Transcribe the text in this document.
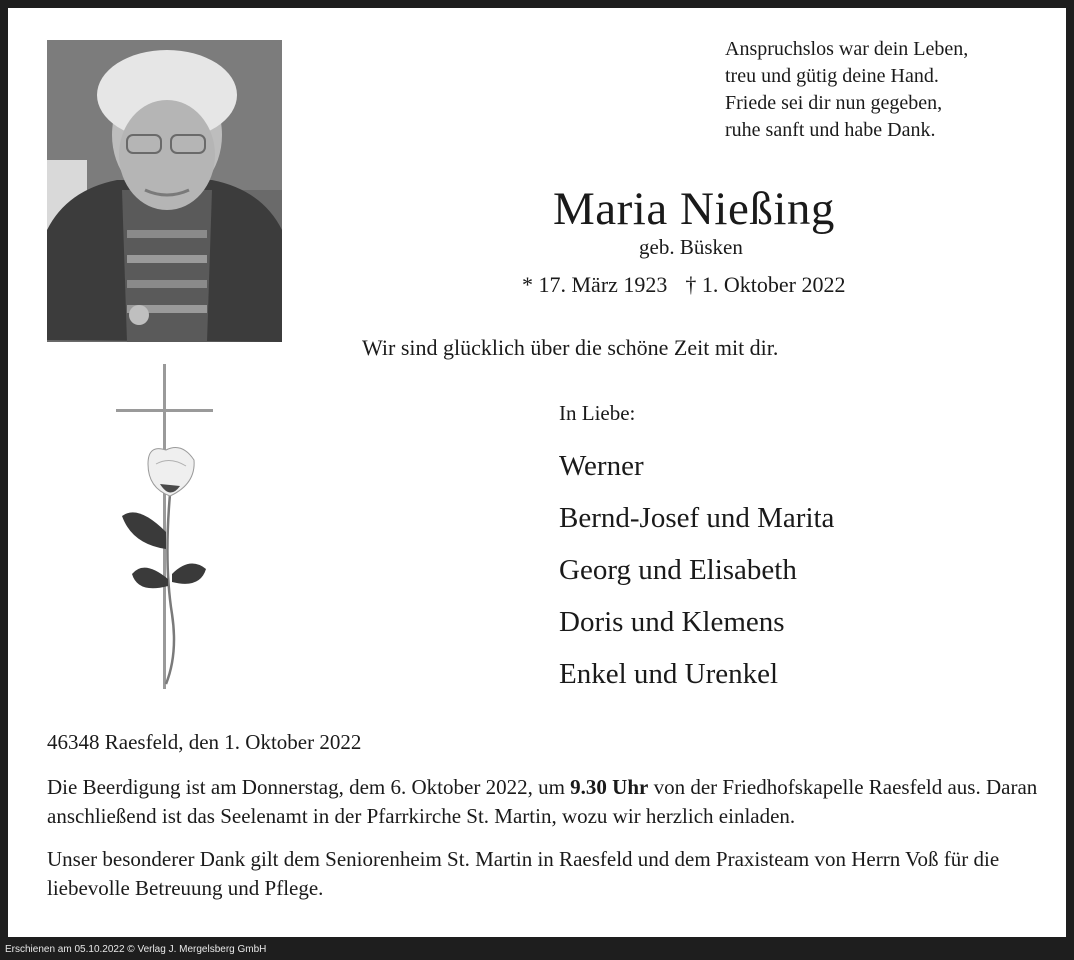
Anspruchslos war dein Leben,
treu und gütig deine Hand.
Friede sei dir nun gegeben,
ruhe sanft und habe Dank.
Maria Nießing
geb. Büsken
* 17. März 1923 † 1. Oktober 2022
Wir sind glücklich über die schöne Zeit mit dir.
In Liebe:
Werner
Bernd-Josef und Marita
Georg und Elisabeth
Doris und Klemens
Enkel und Urenkel
46348 Raesfeld, den 1. Oktober 2022
Die Beerdigung ist am Donnerstag, dem 6. Oktober 2022, um 9.30 Uhr von der Friedhofskapelle Raesfeld aus. Daran anschließend ist das Seelenamt in der Pfarrkirche St. Martin, wozu wir herzlich einladen.
Unser besonderer Dank gilt dem Seniorenheim St. Martin in Raesfeld und dem Praxisteam von Herrn Voß für die liebevolle Betreuung und Pflege.
Erschienen am 05.10.2022 © Verlag J. Mergelsberg GmbH
